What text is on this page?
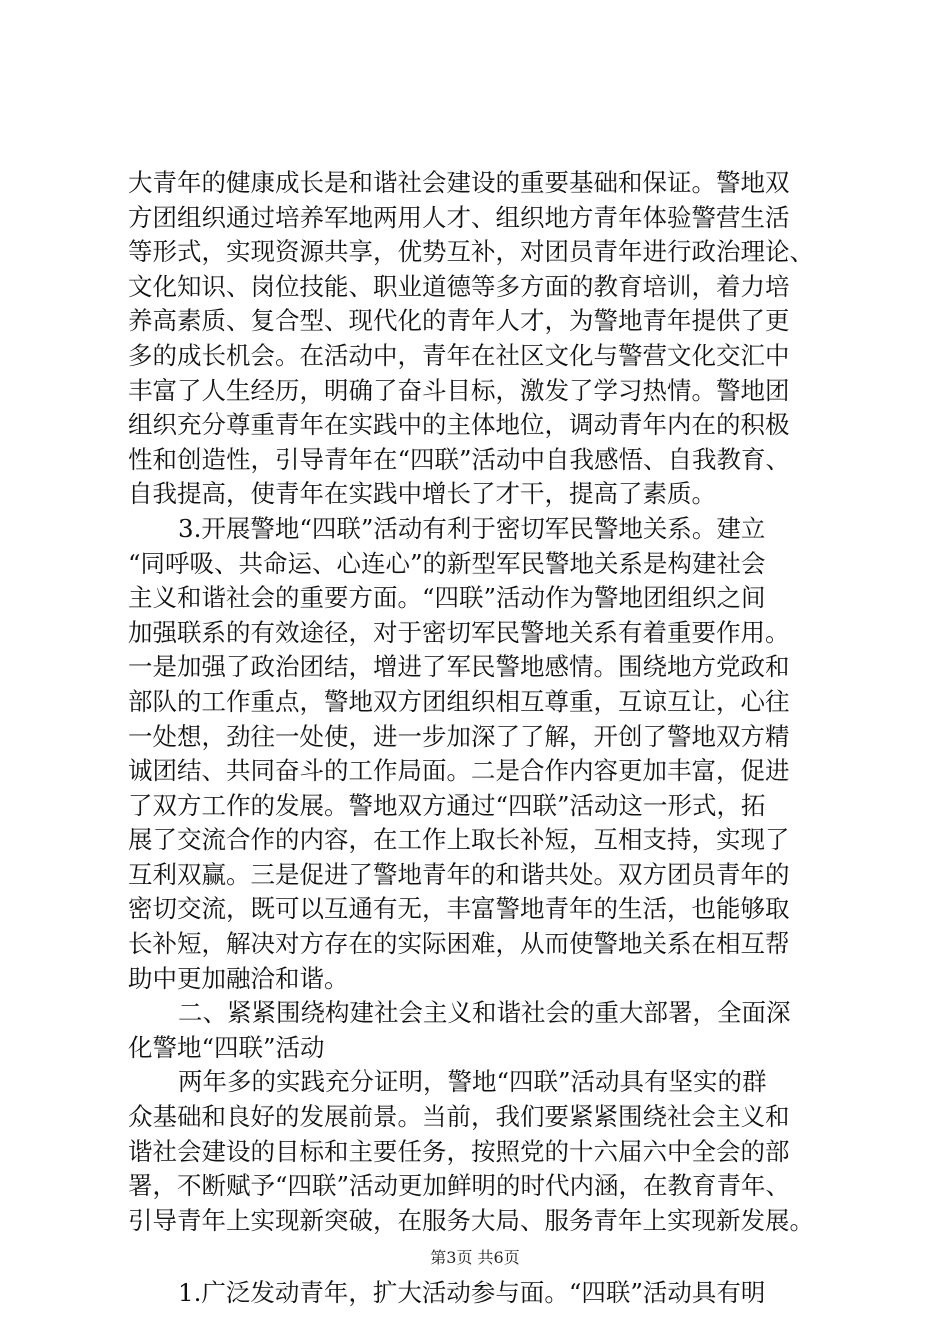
大青年的健康成长是和谐社会建设的重要基础和保证。警地双
方团组织通过培养军地两用人才、组织地方青年体验警营生活
等形式，实现资源共享，优势互补，对团员青年进行政治理论、
文化知识、岗位技能、职业道德等多方面的教育培训，着力培
养高素质、复合型、现代化的青年人才，为警地青年提供了更
多的成长机会。在活动中，青年在社区文化与警营文化交汇中
丰富了人生经历，明确了奋斗目标，激发了学习热情。警地团
组织充分尊重青年在实践中的主体地位，调动青年内在的积极
性和创造性，引导青年在“四联”活动中自我感悟、自我教育、
自我提高，使青年在实践中增长了才干，提高了素质。
3.开展警地“四联”活动有利于密切军民警地关系。建立
“同呼吸、共命运、心连心”的新型军民警地关系是构建社会
主义和谐社会的重要方面。“四联”活动作为警地团组织之间
加强联系的有效途径，对于密切军民警地关系有着重要作用。
一是加强了政治团结，增进了军民警地感情。围绕地方党政和
部队的工作重点，警地双方团组织相互尊重，互谅互让，心往
一处想，劲往一处使，进一步加深了了解，开创了警地双方精
诚团结、共同奋斗的工作局面。二是合作内容更加丰富，促进
了双方工作的发展。警地双方通过“四联”活动这一形式，拓
展了交流合作的内容，在工作上取长补短，互相支持，实现了
互利双赢。三是促进了警地青年的和谐共处。双方团员青年的
密切交流，既可以互通有无，丰富警地青年的生活，也能够取
长补短，解决对方存在的实际困难，从而使警地关系在相互帮
助中更加融洽和谐。
二、紧紧围绕构建社会主义和谐社会的重大部署，全面深
化警地“四联”活动
两年多的实践充分证明，警地“四联”活动具有坚实的群
众基础和良好的发展前景。当前，我们要紧紧围绕社会主义和
谐社会建设的目标和主要任务，按照党的十六届六中全会的部
署，不断赋予“四联”活动更加鲜明的时代内涵，在教育青年、
引导青年上实现新突破，在服务大局、服务青年上实现新发展。
1.广泛发动青年，扩大活动参与面。“四联”活动具有明
第3页 共6页
